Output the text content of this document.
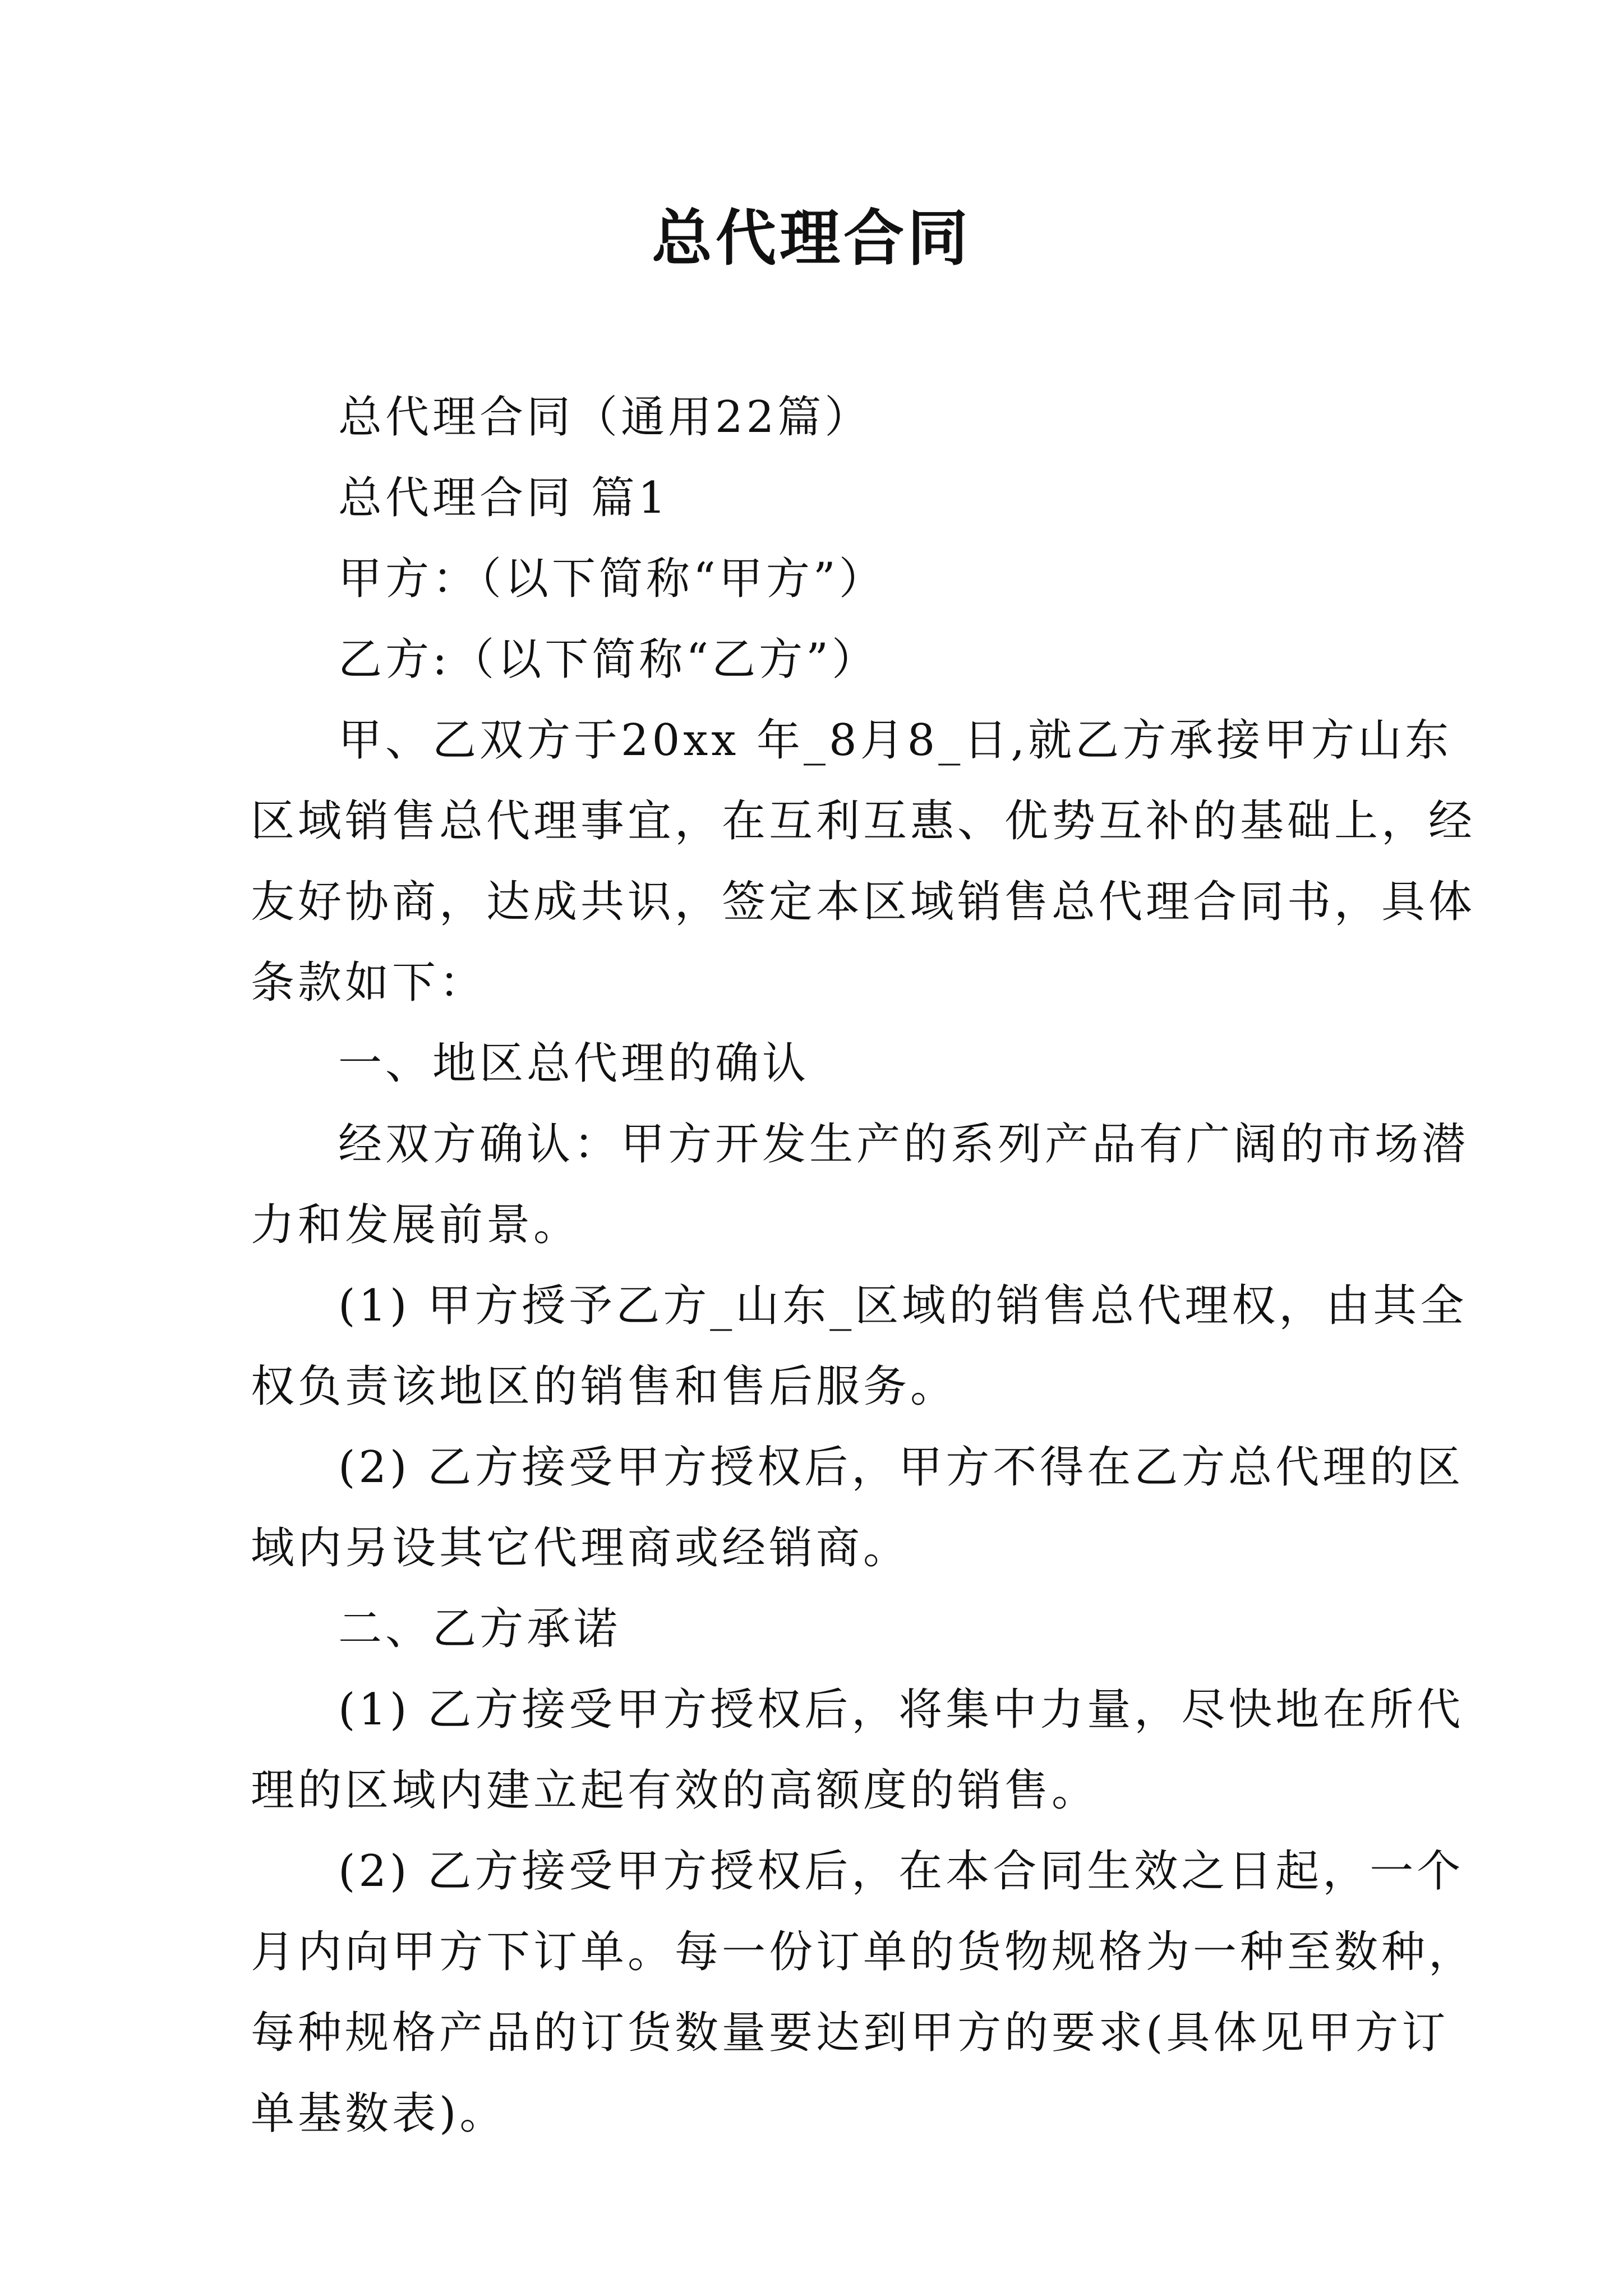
总代理合同
总代理合同（通用22篇）
总代理合同 篇1
甲方：（以下简称“甲方”）
乙方:（以下简称“乙方”）
甲、乙双方于20xx 年_8月8_日,就乙方承接甲方山东
区域销售总代理事宜，在互利互惠、优势互补的基础上，经
友好协商，达成共识，签定本区域销售总代理合同书，具体
条款如下：
一、地区总代理的确认
经双方确认：甲方开发生产的系列产品有广阔的市场潜
力和发展前景。
(1) 甲方授予乙方_山东_区域的销售总代理权，由其全
权负责该地区的销售和售后服务。
(2) 乙方接受甲方授权后，甲方不得在乙方总代理的区
域内另设其它代理商或经销商。
二、乙方承诺
(1) 乙方接受甲方授权后，将集中力量，尽快地在所代
理的区域内建立起有效的高额度的销售。
(2) 乙方接受甲方授权后，在本合同生效之日起，一个
月内向甲方下订单。每一份订单的货物规格为一种至数种，
每种规格产品的订货数量要达到甲方的要求(具体见甲方订
单基数表)。
